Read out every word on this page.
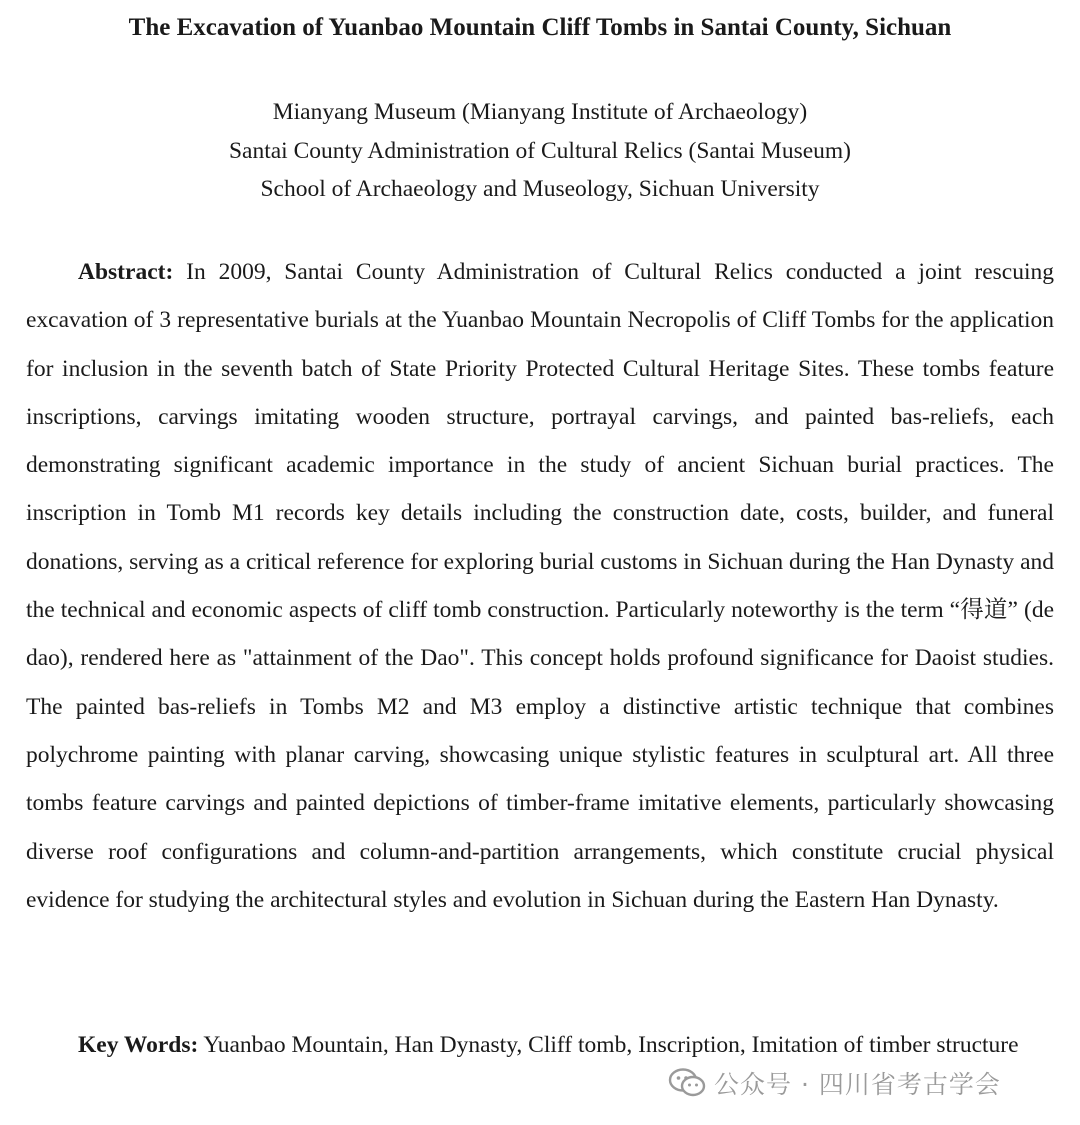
The Excavation of Yuanbao Mountain Cliff Tombs in Santai County, Sichuan
Mianyang Museum (Mianyang Institute of Archaeology)
Santai County Administration of Cultural Relics (Santai Museum)
School of Archaeology and Museology, Sichuan University

Abstract: In 2009, Santai County Administration of Cultural Relics conducted a joint rescuing excavation of 3 representative burials at the Yuanbao Mountain Necropolis of Cliff Tombs for the application for inclusion in the seventh batch of State Priority Protected Cultural Heritage Sites. These tombs feature inscriptions, carvings imitating wooden structure, portrayal carvings, and painted bas-reliefs, each demonstrating significant academic importance in the study of ancient Sichuan burial practices. The inscription in Tomb M1 records key details including the construction date, costs, builder, and funeral donations, serving as a critical reference for exploring burial customs in Sichuan during the Han Dynasty and the technical and economic aspects of cliff tomb construction. Particularly noteworthy is the term “得道” (de dao), rendered here as "attainment of the Dao". This concept holds profound significance for Daoist studies. The painted bas-reliefs in Tombs M2 and M3 employ a distinctive artistic technique that combines polychrome painting with planar carving, showcasing unique stylistic features in sculptural art. All three tombs feature carvings and painted depictions of timber-frame imitative elements, particularly showcasing diverse roof configurations and column-and-partition arrangements, which constitute crucial physical evidence for studying the architectural styles and evolution in Sichuan during the Eastern Han Dynasty.

Key Words: Yuanbao Mountain, Han Dynasty, Cliff tomb, Inscription, Imitation of timber structure

公众号 · 四川省考古学会
